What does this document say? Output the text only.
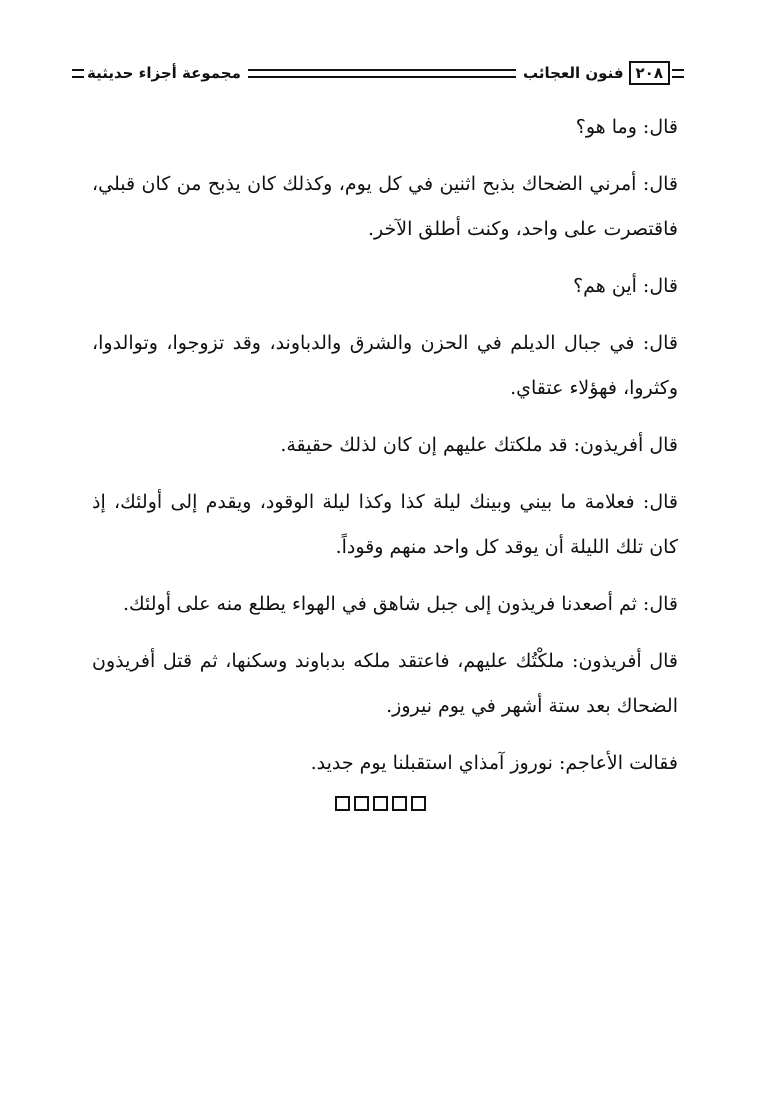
٢٠٨
فنون العجائب
مجموعة أجزاء حديثية

قال: وما هو؟

قال: أمرني الضحاك بذبح اثنين في كل يوم، وكذلك كان يذبح من كان قبلي، فاقتصرت على واحد، وكنت أطلق الآخر.

قال: أين هم؟

قال: في جبال الديلم في الحزن والشرق والدباوند، وقد تزوجوا، وتوالدوا، وكثروا، فهؤلاء عتقاي.

قال أفريذون: قد ملكتك عليهم إن كان لذلك حقيقة.

قال: فعلامة ما بيني وبينك ليلة كذا وكذا ليلة الوقود، ويقدم إلى أولئك، إذ كان تلك الليلة أن يوقد كل واحد منهم وقوداً.

قال: ثم أصعدنا فريذون إلى جبل شاهق في الهواء يطلع منه على أولئك.

قال أفريذون: ملكْتُك عليهم، فاعتقد ملكه بدباوند وسكنها، ثم قتل أفريذون الضحاك بعد ستة أشهر في يوم نيروز.

فقالت الأعاجم: نوروز آمذاي استقبلنا يوم جديد.
